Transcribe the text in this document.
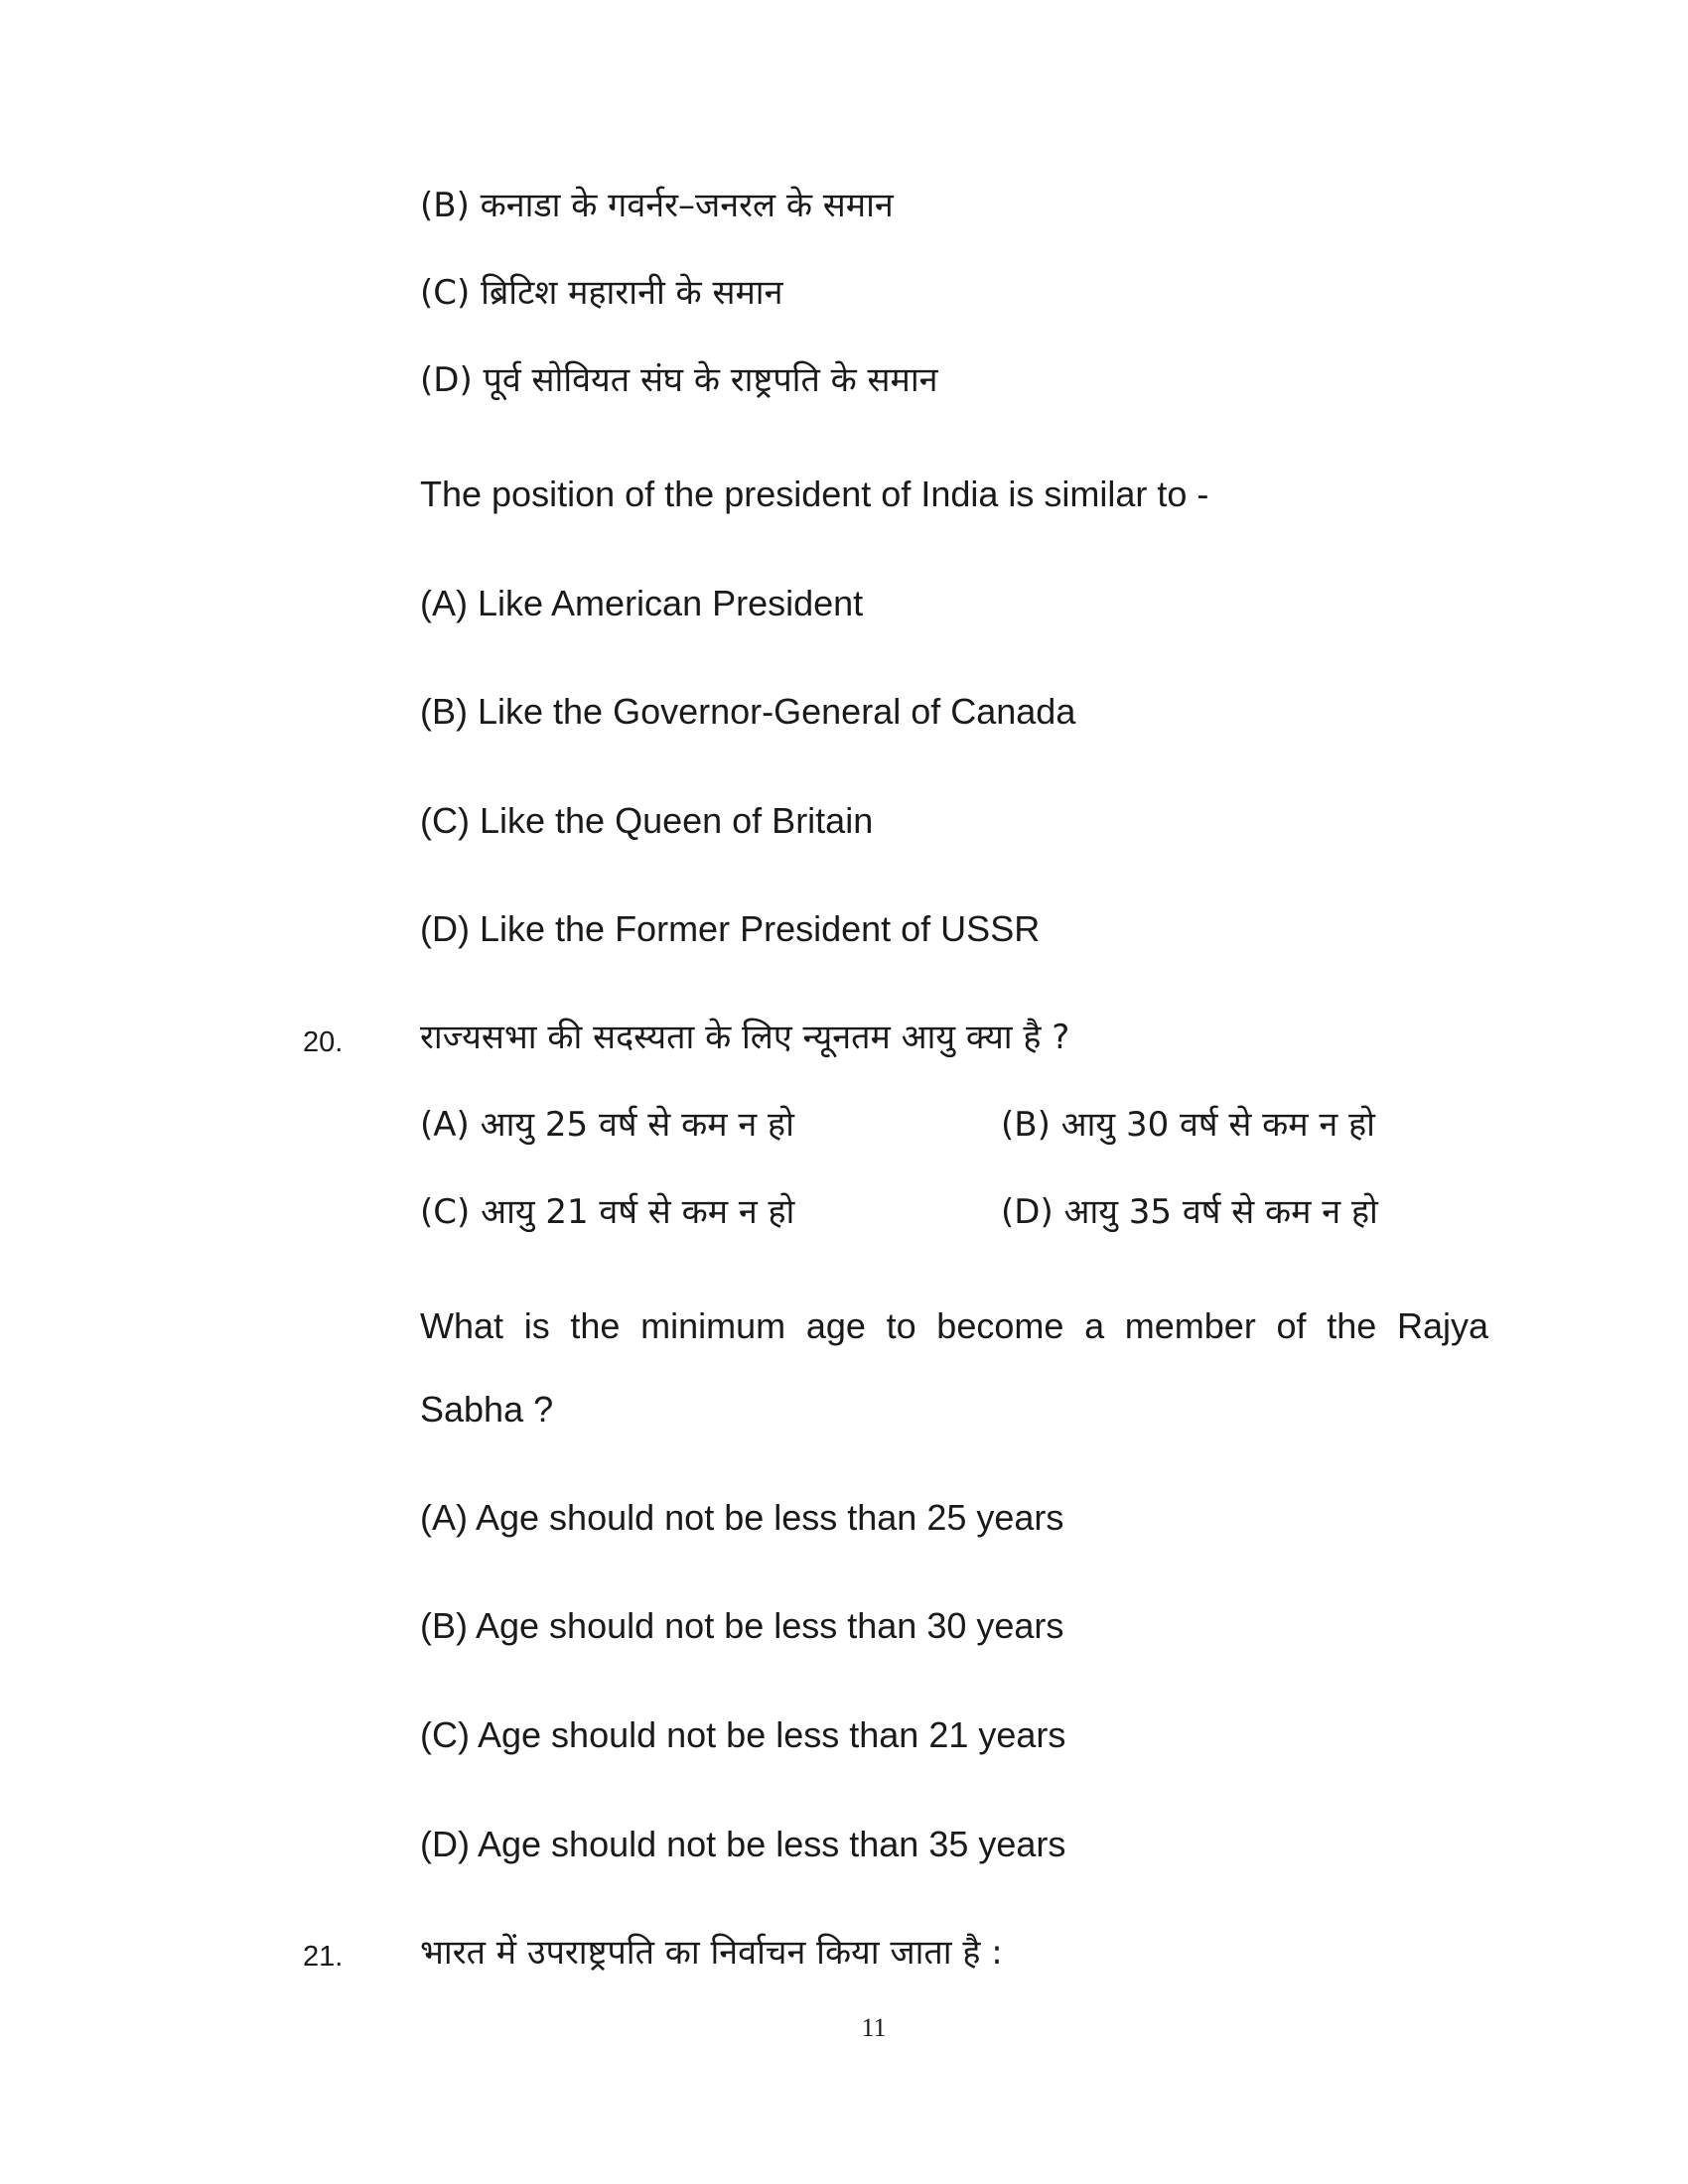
(B) कनाडा के गवर्नर–जनरल के समान
(C) ब्रिटिश महारानी के समान
(D) पूर्व सोवियत संघ के राष्ट्रपति के समान
The position of the president of India is similar to -
(A) Like American President
(B) Like the Governor-General of Canada
(C) Like the Queen of Britain
(D) Like the Former President of USSR
20. राज्यसभा की सदस्यता के लिए न्यूनतम आयु क्या है ?
(A) आयु 25 वर्ष से कम न हो	(B) आयु 30 वर्ष से कम न हो
(C) आयु 21 वर्ष से कम न हो	(D) आयु 35 वर्ष से कम न हो
What is the minimum age to become a member of the Rajya
Sabha ?
(A) Age should not be less than 25 years
(B) Age should not be less than 30 years
(C) Age should not be less than 21 years
(D) Age should not be less than 35 years
21. भारत में उपराष्ट्रपति का निर्वाचन किया जाता है :
11
